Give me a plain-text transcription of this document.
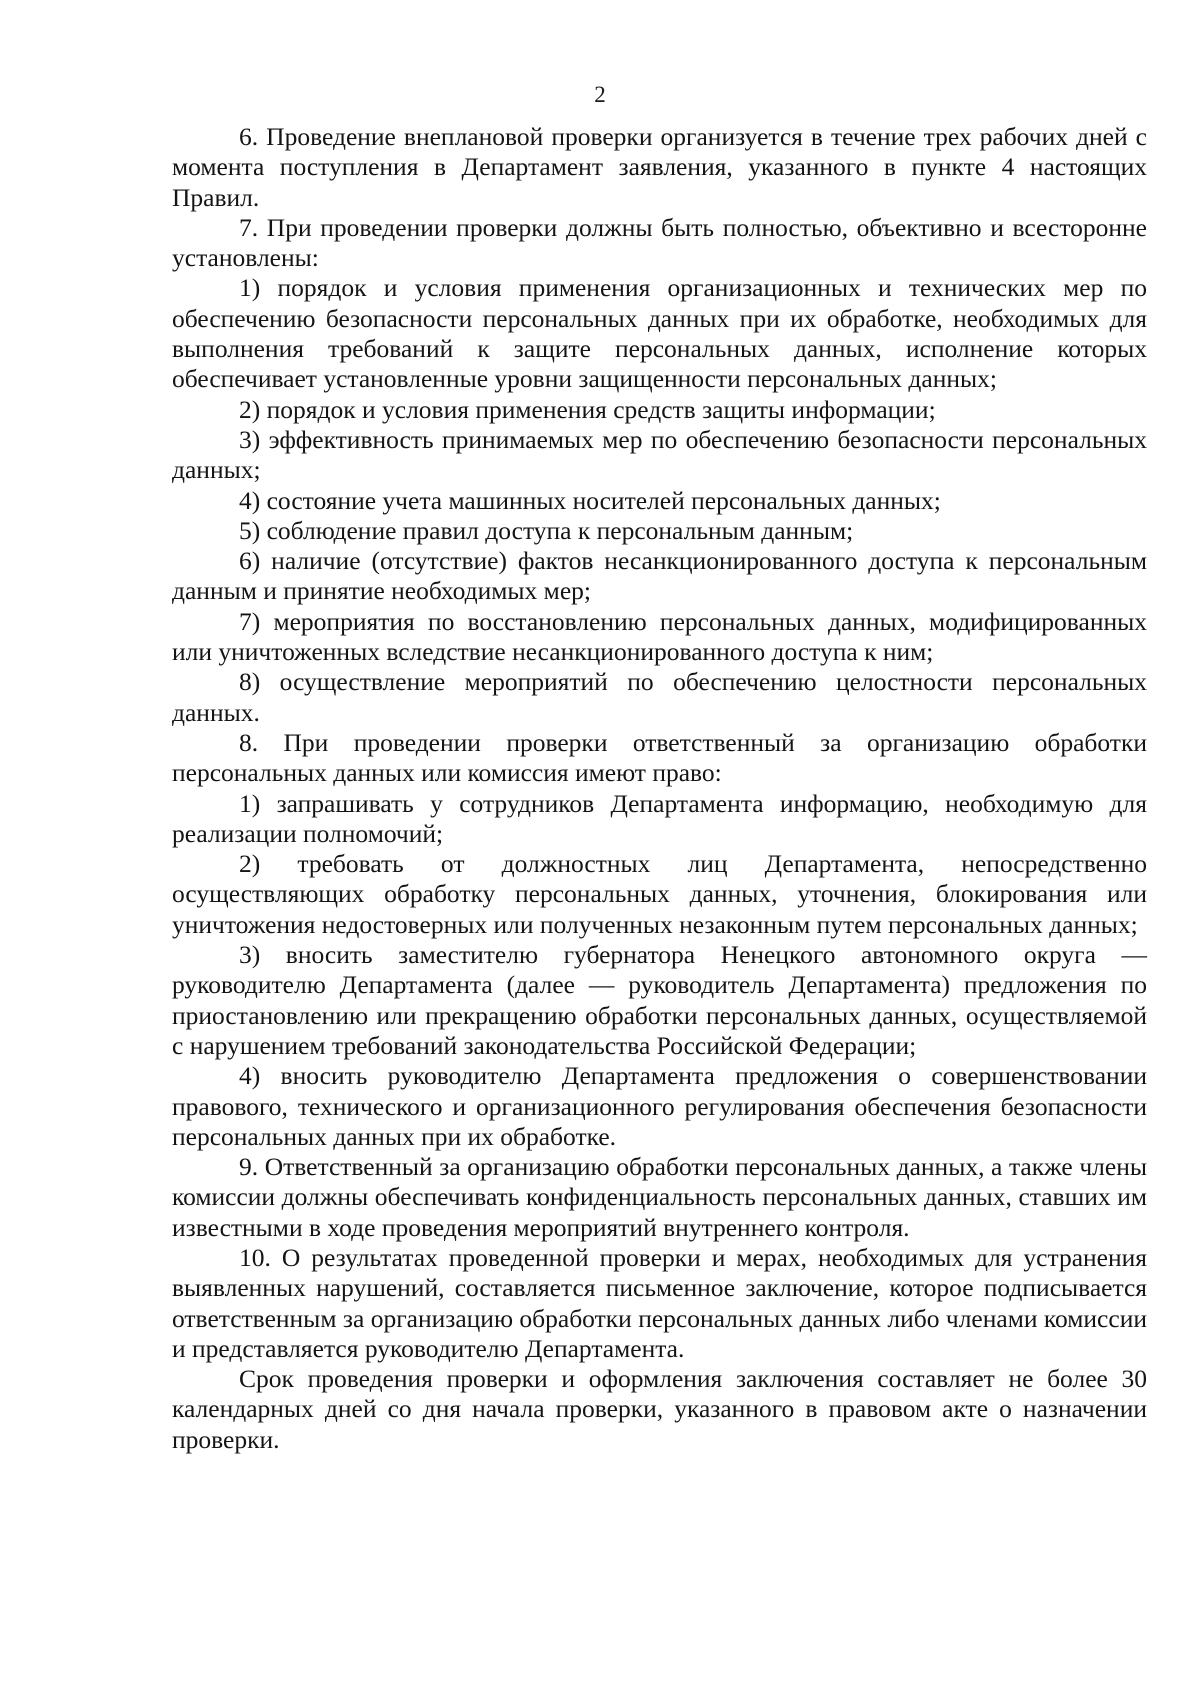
2

6. Проведение внеплановой проверки организуется в течение трех рабочих дней с момента поступления в Департамент заявления, указанного в пункте 4 настоящих Правил.

7. При проведении проверки должны быть полностью, объективно и всесторонне установлены:

1) порядок и условия применения организационных и технических мер по обеспечению безопасности персональных данных при их обработке, необходимых для выполнения требований к защите персональных данных, исполнение которых обеспечивает установленные уровни защищенности персональных данных;

2) порядок и условия применения средств защиты информации;

3) эффективность принимаемых мер по обеспечению безопасности персональных данных;

4) состояние учета машинных носителей персональных данных;

5) соблюдение правил доступа к персональным данным;

6) наличие (отсутствие) фактов несанкционированного доступа к персональным данным и принятие необходимых мер;

7) мероприятия по восстановлению персональных данных, модифицированных или уничтоженных вследствие несанкционированного доступа к ним;

8) осуществление мероприятий по обеспечению целостности персональных данных.

8. При проведении проверки ответственный за организацию обработки персональных данных или комиссия имеют право:

1) запрашивать у сотрудников Департамента информацию, необходимую для реализации полномочий;

2) требовать от должностных лиц Департамента, непосредственно осуществляющих обработку персональных данных, уточнения, блокирования или уничтожения недостоверных или полученных незаконным путем персональных данных;

3) вносить заместителю губернатора Ненецкого автономного округа — руководителю Департамента (далее — руководитель Департамента) предложения по приостановлению или прекращению обработки персональных данных, осуществляемой с нарушением требований законодательства Российской Федерации;

4) вносить руководителю Департамента предложения о совершенствовании правового, технического и организационного регулирования обеспечения безопасности персональных данных при их обработке.

9. Ответственный за организацию обработки персональных данных, а также члены комиссии должны обеспечивать конфиденциальность персональных данных, ставших им известными в ходе проведения мероприятий внутреннего контроля.

10. О результатах проведенной проверки и мерах, необходимых для устранения выявленных нарушений, составляется письменное заключение, которое подписывается ответственным за организацию обработки персональных данных либо членами комиссии и представляется руководителю Департамента.

Срок проведения проверки и оформления заключения составляет не более 30 календарных дней со дня начала проверки, указанного в правовом акте о назначении проверки.
